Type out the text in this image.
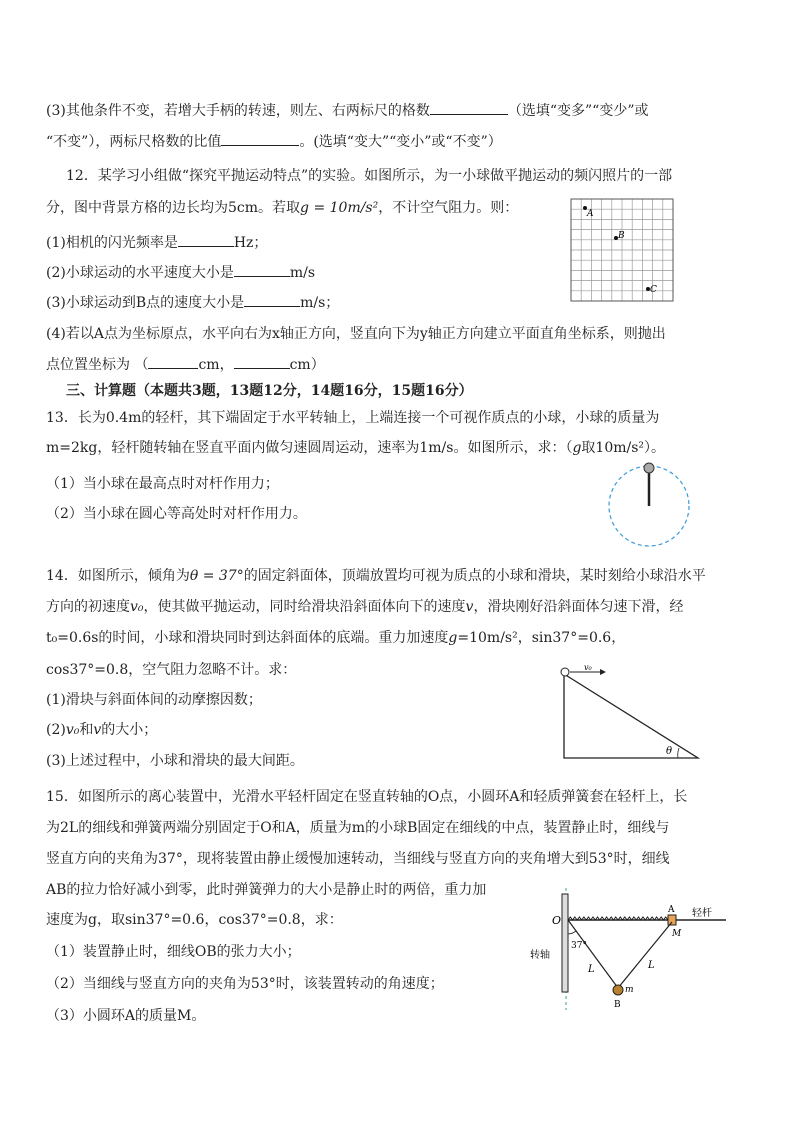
(3)其他条件不变，若增大手柄的转速，则左、右两标尺的格数	（选填“变多”“变少”或
“不变”），两标尺格数的比值	。(选填“变大”“变小”或“不变”）
12．某学习小组做“探究平抛运动特点”的实验。如图所示，为一小球做平抛运动的频闪照片的一部
分，图中背景方格的边长均为5cm。若取g = 10m/s²，不计空气阻力。则：
(1)相机的闪光频率是	Hz；
(2)小球运动的水平速度大小是	m/s
(3)小球运动到B点的速度大小是	m/s；
(4)若以A点为坐标原点，水平向右为x轴正方向，竖直向下为y轴正方向建立平面直角坐标系，则抛出
点位置坐标为 （	cm，	cm）
A
B
C
三、计算题（本题共3题，13题12分，14题16分，15题16分）
13．长为0.4m的轻杆，其下端固定于水平转轴上，上端连接一个可视作质点的小球，小球的质量为
m=2kg，轻杆随转轴在竖直平面内做匀速圆周运动，速率为1m/s。如图所示，求：（g取10m/s²）。
（1）当小球在最高点时对杆作用力；
（2）当小球在圆心等高处时对杆作用力。
14．如图所示，倾角为θ = 37°的固定斜面体，顶端放置均可视为质点的小球和滑块，某时刻给小球沿水平
方向的初速度v₀，使其做平抛运动，同时给滑块沿斜面体向下的速度v，滑块刚好沿斜面体匀速下滑，经
t₀=0.6s的时间，小球和滑块同时到达斜面体的底端。重力加速度g=10m/s²，sin37°=0.6，
cos37°=0.8，空气阻力忽略不计。求：
(1)滑块与斜面体间的动摩擦因数；
(2)v₀和v的大小；
(3)上述过程中，小球和滑块的最大间距。
v₀
θ
15．如图所示的离心装置中，光滑水平轻杆固定在竖直转轴的O点，小圆环A和轻质弹簧套在轻杆上，长
为2L的细线和弹簧两端分别固定于O和A，质量为m的小球B固定在细线的中点，装置静止时，细线与
竖直方向的夹角为37°，现将装置由静止缓慢加速转动，当细线与竖直方向的夹角增大到53°时，细线
AB的拉力恰好减小到零，此时弹簧弹力的大小是静止时的两倍，重力加
速度为g，取sin37°=0.6，cos37°=0.8，求：
（1）装置静止时，细线OB的张力大小；
（2）当细线与竖直方向的夹角为53°时，该装置转动的角速度；
（3）小圆环A的质量M。
O
A 轻杆
M
转轴
37°
L	L
B
m
